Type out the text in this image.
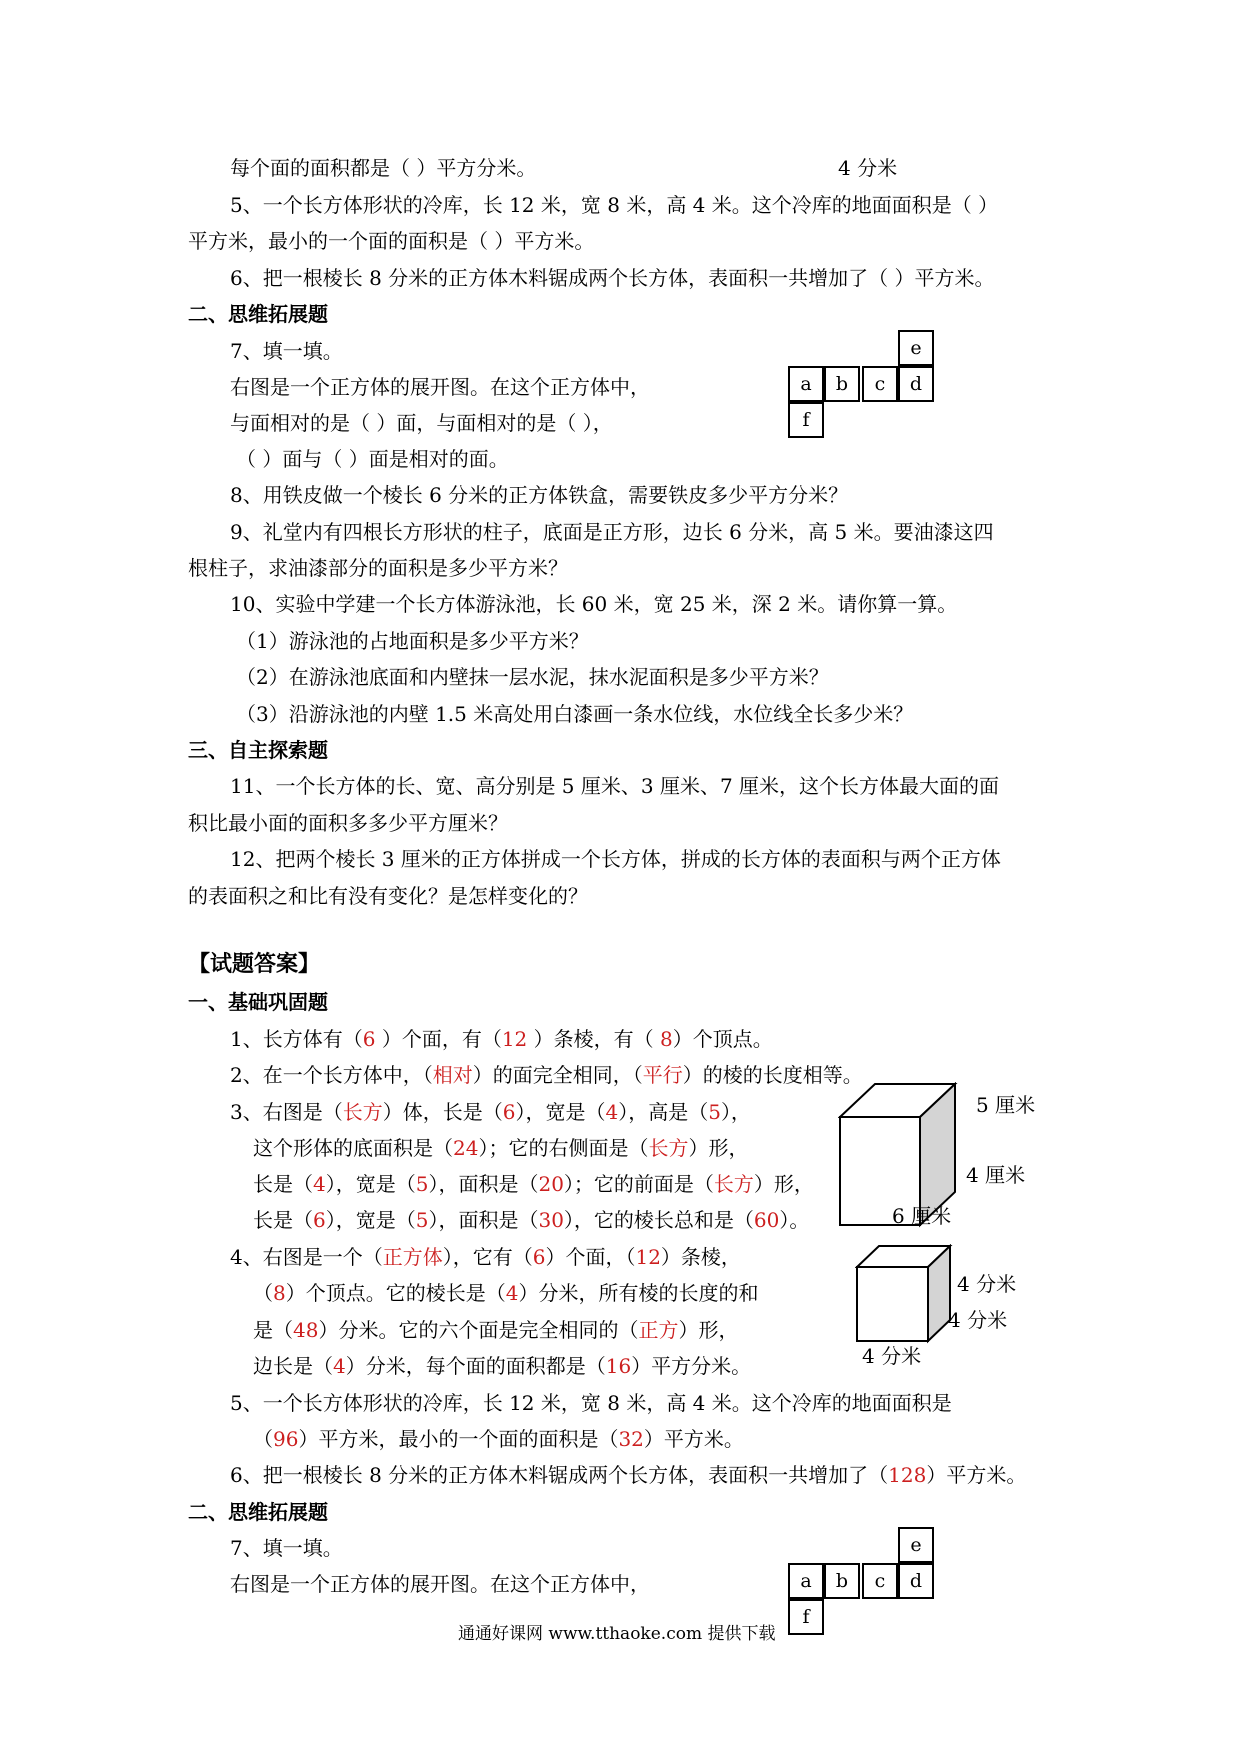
每个面的面积都是（ ）平方分米。	4 分米
5、一个长方体形状的冷库，长 12 米，宽 8 米，高 4 米。这个冷库的地面面积是（ ）
平方米，最小的一个面的面积是（ ）平方米。
6、把一根棱长 8 分米的正方体木料锯成两个长方体，表面积一共增加了（ ）平方米。
二、思维拓展题
7、填一填。
右图是一个正方体的展开图。在这个正方体中，
与面相对的是（ ）面，与面相对的是（ ），
（ ）面与（ ）面是相对的面。
e
a	b	c	d
f
8、用铁皮做一个棱长 6 分米的正方体铁盒，需要铁皮多少平方分米？
9、礼堂内有四根长方形状的柱子，底面是正方形，边长 6 分米，高 5 米。要油漆这四
根柱子，求油漆部分的面积是多少平方米？
10、实验中学建一个长方体游泳池，长 60 米，宽 25 米，深 2 米。请你算一算。
（1）游泳池的占地面积是多少平方米？
（2）在游泳池底面和内壁抹一层水泥，抹水泥面积是多少平方米？
（3）沿游泳池的内壁 1.5 米高处用白漆画一条水位线，水位线全长多少米？
三、自主探索题
11、一个长方体的长、宽、高分别是 5 厘米、3 厘米、7 厘米，这个长方体最大面的面
积比最小面的面积多多少平方厘米？
12、把两个棱长 3 厘米的正方体拼成一个长方体，拼成的长方体的表面积与两个正方体
的表面积之和比有没有变化？是怎样变化的？
【试题答案】
一、基础巩固题
1、长方体有（6 ）个面，有（12 ）条棱，有（ 8）个顶点。
2、在一个长方体中，（相对）的面完全相同，（平行）的棱的长度相等。
3、右图是（长方）体，长是（6），宽是（4），高是（5），
这个形体的底面积是（24）；它的右侧面是（长方）形，
长是（4），宽是（5），面积是（20）；它的前面是（长方）形，
长是（6），宽是（5），面积是（30），它的棱长总和是（60）。
5 厘米
4 厘米
6 厘米
4、右图是一个（正方体），它有（6）个面，（12）条棱，
（8）个顶点。它的棱长是（4）分米，所有棱的长度的和
是（48）分米。它的六个面是完全相同的（正方）形，
边长是（4）分米，每个面的面积都是（16）平方分米。
4 分米
4 分米
4 分米
5、一个长方体形状的冷库，长 12 米，宽 8 米，高 4 米。这个冷库的地面面积是
（96）平方米，最小的一个面的面积是（32）平方米。
6、把一根棱长 8 分米的正方体木料锯成两个长方体，表面积一共增加了（128）平方米。
二、思维拓展题
7、填一填。
右图是一个正方体的展开图。在这个正方体中，
e
a	b	c	d
f
通通好课网 www.tthaoke.com 提供下载
